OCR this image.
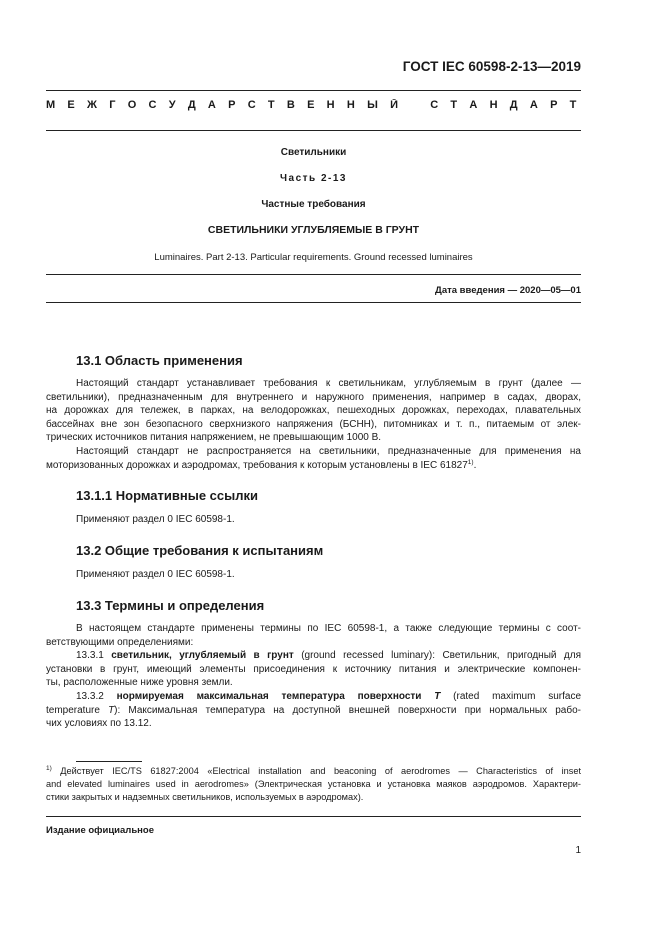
ГОСТ IEC 60598-2-13—2019
М Е Ж Г О С У Д А Р С Т В Е Н Н Ы Й	С Т А Н Д А Р Т
Светильники
Часть 2-13
Частные требования
СВЕТИЛЬНИКИ УГЛУБЛЯЕМЫЕ В ГРУНТ
Luminaires. Part 2-13. Particular requirements. Ground recessed luminaires
Дата введения — 2020—05—01
13.1 Область применения
Настоящий стандарт устанавливает требования к светильникам, углубляемым в грунт (далее —
светильники), предназначенным для внутреннего и наружного применения, например в садах, дворах,
на дорожках для тележек, в парках, на велодорожках, пешеходных дорожках, переходах, плавательных
бассейнах вне зон безопасного сверхнизкого напряжения (БСНН), питомниках и т. п., питаемым от элек-
трических источников питания напряжением, не превышающим 1000 В.
Настоящий стандарт не распространяется на светильники, предназначенные для применения на
моторизованных дорожках и аэродромах, требования к которым установлены в IEC 61827$^{1)}$.
13.1.1 Нормативные ссылки
Применяют раздел 0 IEC 60598-1.
13.2 Общие требования к испытаниям
Применяют раздел 0 IEC 60598-1.
13.3 Термины и определения
В настоящем стандарте применены термины по IEC 60598-1, а также следующие термины с соот-
ветствующими определениями:
13.3.1 светильник, углубляемый в грунт (ground recessed luminary): Светильник, пригодный для
установки в грунт, имеющий элементы присоединения к источнику питания и электрические компонен-
ты, расположенные ниже уровня земли.
13.3.2 нормируемая максимальная температура поверхности T (rated maximum surface
temperature T): Максимальная температура на доступной внешней поверхности при нормальных рабо-
чих условиях по 13.12.
$^{1)}$ Действует IEC/TS 61827:2004 «Electrical installation and beaconing of aerodromes — Characteristics of inset
and elevated luminaires used in aerodromes» (Электрическая установка и установка маяков аэродромов. Характери-
стики закрытых и надземных светильников, используемых в аэродромах).
Издание официальное
1
